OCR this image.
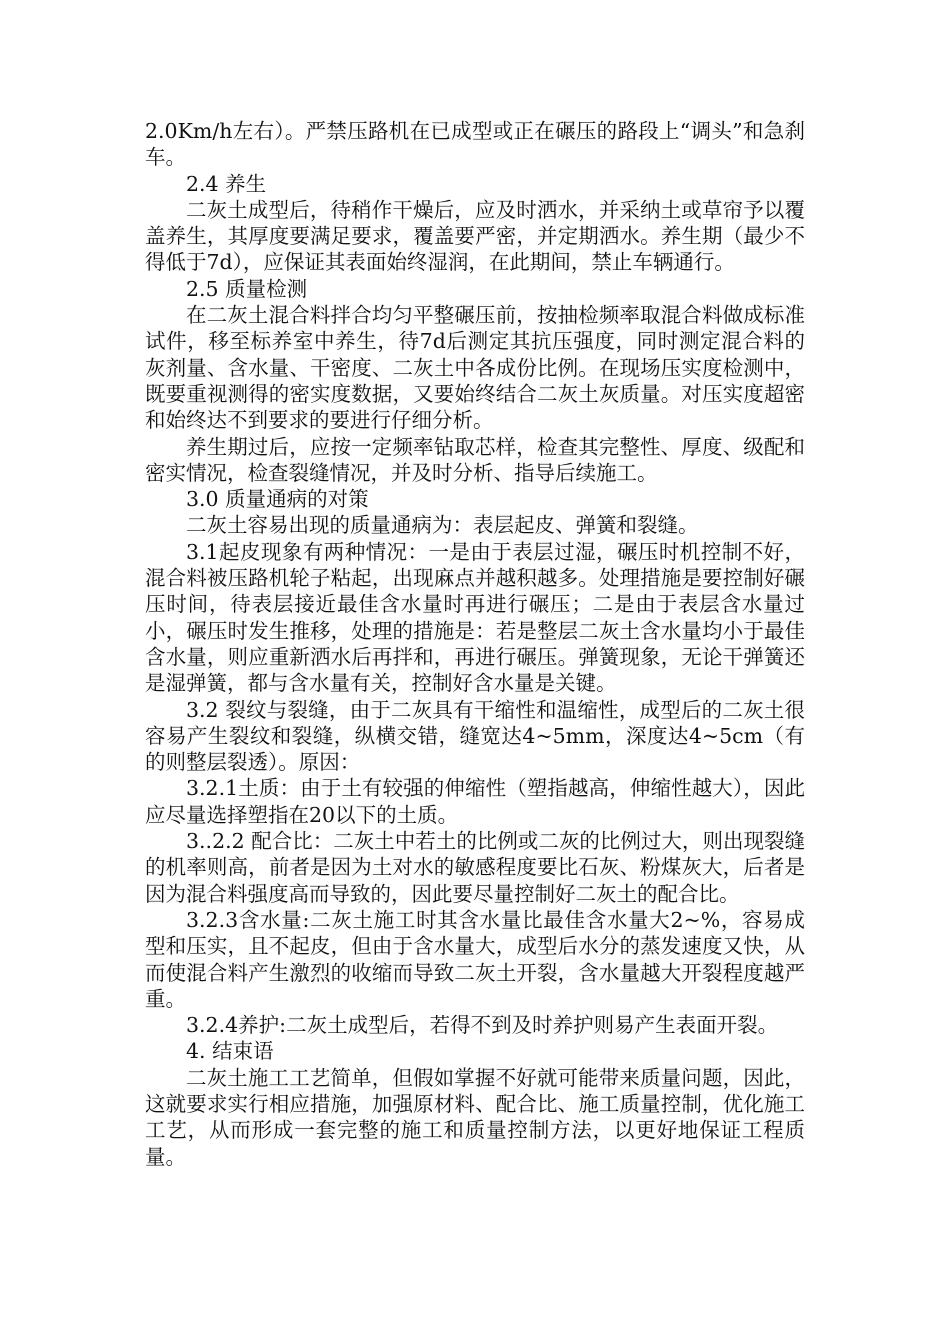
2.0Km/h左右）。严禁压路机在已成型或正在碾压的路段上“调头”和急刹车。

2.4 养生

二灰土成型后，待稍作干燥后，应及时洒水，并采纳土或草帘予以覆盖养生，其厚度要满足要求，覆盖要严密，并定期洒水。养生期（最少不得低于7d），应保证其表面始终湿润，在此期间，禁止车辆通行。

2.5 质量检测

在二灰土混合料拌合均匀平整碾压前，按抽检频率取混合料做成标准试件，移至标养室中养生，待7d后测定其抗压强度，同时测定混合料的灰剂量、含水量、干密度、二灰土中各成份比例。在现场压实度检测中，既要重视测得的密实度数据，又要始终结合二灰土灰质量。对压实度超密和始终达不到要求的要进行仔细分析。

养生期过后，应按一定频率钻取芯样，检查其完整性、厚度、级配和密实情况，检查裂缝情况，并及时分析、指导后续施工。

3.0 质量通病的对策

二灰土容易出现的质量通病为：表层起皮、弹簧和裂缝。

3.1起皮现象有两种情况：一是由于表层过湿，碾压时机控制不好，混合料被压路机轮子粘起，出现麻点并越积越多。处理措施是要控制好碾压时间，待表层接近最佳含水量时再进行碾压；二是由于表层含水量过小，碾压时发生推移，处理的措施是：若是整层二灰土含水量均小于最佳含水量，则应重新洒水后再拌和，再进行碾压。弹簧现象，无论干弹簧还是湿弹簧，都与含水量有关，控制好含水量是关键。

3.2 裂纹与裂缝，由于二灰具有干缩性和温缩性，成型后的二灰土很容易产生裂纹和裂缝，纵横交错，缝宽达4~5mm，深度达4~5cm（有的则整层裂透）。原因：

3.2.1土质：由于土有较强的伸缩性（塑指越高，伸缩性越大），因此应尽量选择塑指在20以下的土质。

3..2.2 配合比：二灰土中若土的比例或二灰的比例过大，则出现裂缝的机率则高，前者是因为土对水的敏感程度要比石灰、粉煤灰大，后者是因为混合料强度高而导致的，因此要尽量控制好二灰土的配合比。

3.2.3含水量:二灰土施工时其含水量比最佳含水量大2~%，容易成型和压实，且不起皮，但由于含水量大，成型后水分的蒸发速度又快，从而使混合料产生激烈的收缩而导致二灰土开裂，含水量越大开裂程度越严重。

3.2.4养护:二灰土成型后，若得不到及时养护则易产生表面开裂。

4. 结束语

二灰土施工工艺简单，但假如掌握不好就可能带来质量问题，因此，这就要求实行相应措施，加强原材料、配合比、施工质量控制，优化施工工艺，从而形成一套完整的施工和质量控制方法，以更好地保证工程质量。
